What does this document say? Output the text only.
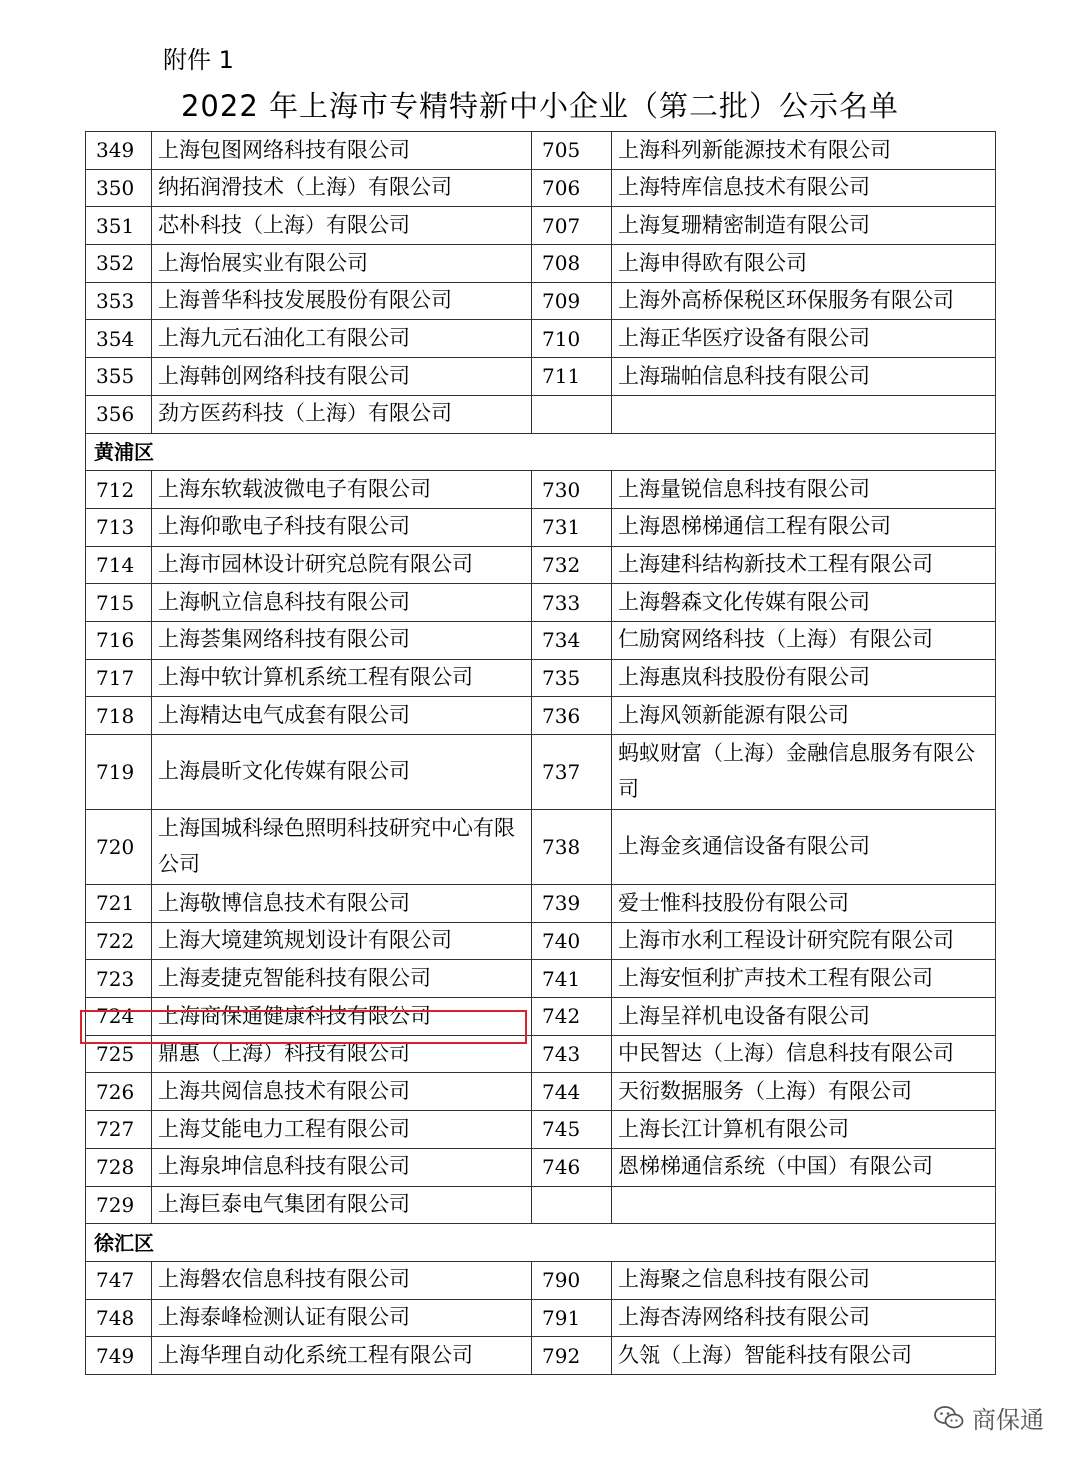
附件 1
2022 年上海市专精特新中小企业（第二批）公示名单
349	上海包图网络科技有限公司	705	上海科列新能源技术有限公司
350	纳拓润滑技术（上海）有限公司	706	上海特库信息技术有限公司
351	芯朴科技（上海）有限公司	707	上海复珊精密制造有限公司
352	上海怡展实业有限公司	708	上海申得欧有限公司
353	上海普华科技发展股份有限公司	709	上海外高桥保税区环保服务有限公司
354	上海九元石油化工有限公司	710	上海正华医疗设备有限公司
355	上海韩创网络科技有限公司	711	上海瑞帕信息科技有限公司
356	劲方医药科技（上海）有限公司		
黄浦区			
712	上海东软载波微电子有限公司	730	上海量锐信息科技有限公司
713	上海仰歌电子科技有限公司	731	上海恩梯梯通信工程有限公司
714	上海市园林设计研究总院有限公司	732	上海建科结构新技术工程有限公司
715	上海帆立信息科技有限公司	733	上海磐森文化传媒有限公司
716	上海荟集网络科技有限公司	734	仁励窝网络科技（上海）有限公司
717	上海中软计算机系统工程有限公司	735	上海惠岚科技股份有限公司
718	上海精达电气成套有限公司	736	上海风领新能源有限公司
719	上海晨昕文化传媒有限公司	737	蚂蚁财富（上海）金融信息服务有限公司
720	上海国城科绿色照明科技研究中心有限公司	738	上海金亥通信设备有限公司
721	上海敬博信息技术有限公司	739	爱士惟科技股份有限公司
722	上海大境建筑规划设计有限公司	740	上海市水利工程设计研究院有限公司
723	上海麦捷克智能科技有限公司	741	上海安恒利扩声技术工程有限公司
724	上海商保通健康科技有限公司	742	上海呈祥机电设备有限公司
725	鼎惠（上海）科技有限公司	743	中民智达（上海）信息科技有限公司
726	上海共阅信息技术有限公司	744	天衍数据服务（上海）有限公司
727	上海艾能电力工程有限公司	745	上海长江计算机有限公司
728	上海泉坤信息科技有限公司	746	恩梯梯通信系统（中国）有限公司
729	上海巨泰电气集团有限公司		
徐汇区			
747	上海磐农信息科技有限公司	790	上海聚之信息科技有限公司
748	上海泰峰检测认证有限公司	791	上海杏涛网络科技有限公司
749	上海华理自动化系统工程有限公司	792	久瓴（上海）智能科技有限公司
商保通
